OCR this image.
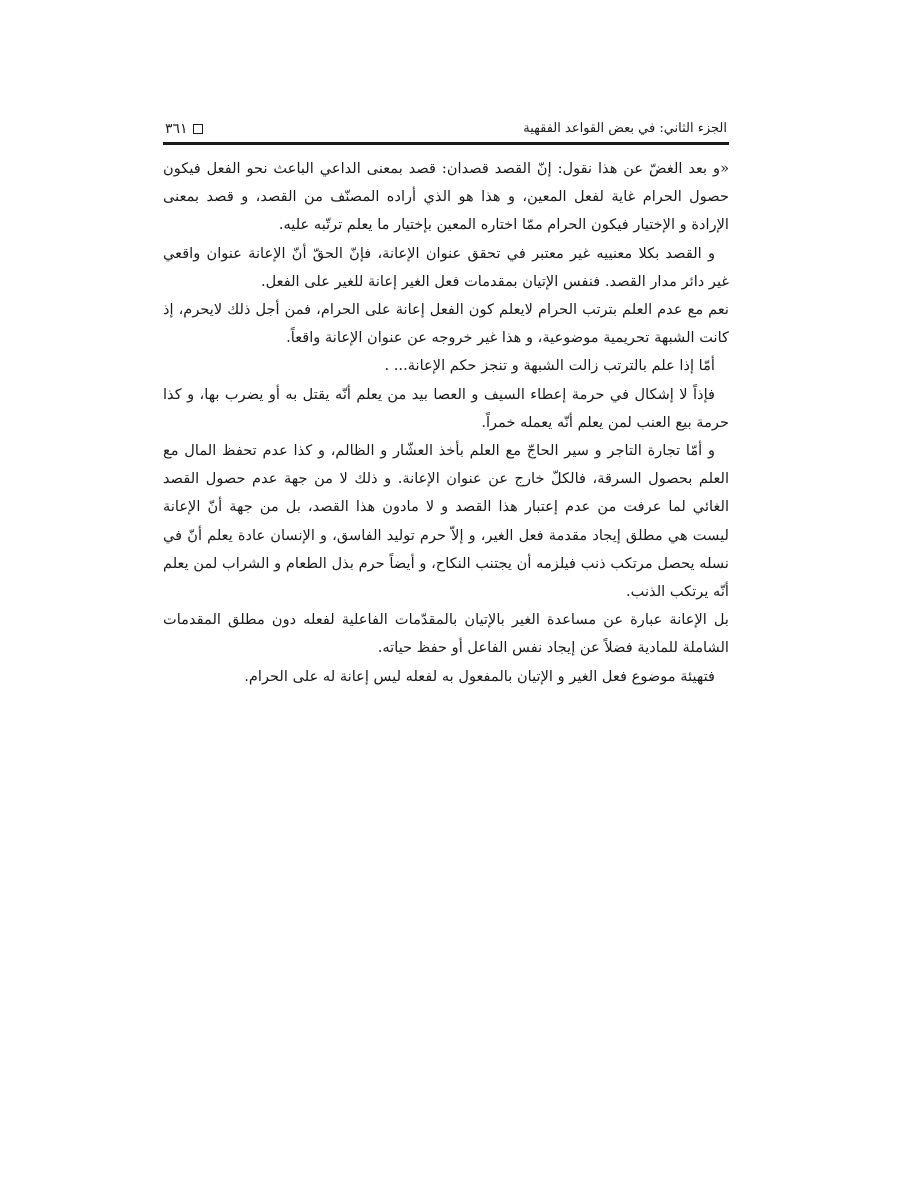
الجزء الثاني: في بعض القواعد الفقهية
٣٦١

«و بعد الغضّ عن هذا نقول: إنّ القصد قصدان: قصد بمعنى الداعي الباعث نحو الفعل فيكون حصول الحرام غاية لفعل المعين، و هذا هو الذي أراده المصنّف من القصد، و قصد بمعنى الإرادة و الإختيار فيكون الحرام ممّا اختاره المعين بإختيار ما يعلم ترتّبه عليه.

و القصد بكلا معنييه غير معتبر في تحقق عنوان الإعانة، فإنّ الحقّ أنّ الإعانة عنوان واقعي غير دائر مدار القصد. فنفس الإتيان بمقدمات فعل الغير إعانة للغير على الفعل.

نعم مع عدم العلم بترتب الحرام لايعلم كون الفعل إعانة على الحرام، فمن أجل ذلك لايحرم، إذ كانت الشبهة تحريمية موضوعية، و هذا غير خروجه عن عنوان الإعانة واقعاً.

أمّا إذا علم بالترتب زالت الشبهة و تنجز حكم الإعانة... .

فإذاً لا إشكال في حرمة إعطاء السيف و العصا بيد من يعلم أنّه يقتل به أو يضرب بها، و كذا حرمة بيع العنب لمن يعلم أنّه يعمله خمراً.

و أمّا تجارة التاجر و سير الحاجّ مع العلم بأخذ العشّار و الظالم، و كذا عدم تحفظ المال مع العلم بحصول السرقة، فالكلّ خارج عن عنوان الإعانة. و ذلك لا من جهة عدم حصول القصد الغائي لما عرفت من عدم إعتبار هذا القصد و لا مادون هذا القصد، بل من جهة أنّ الإعانة ليست هي مطلق إيجاد مقدمة فعل الغير، و إلاّ حرم توليد الفاسق، و الإنسان عادة يعلم أنّ في نسله يحصل مرتكب ذنب فيلزمه أن يجتنب النكاح، و أيضاً حرم بذل الطعام و الشراب لمن يعلم أنّه يرتكب الذنب.

بل الإعانة عبارة عن مساعدة الغير بالإتيان بالمقدّمات الفاعلية لفعله دون مطلق المقدمات الشاملة للمادية فضلاً عن إيجاد نفس الفاعل أو حفظ حياته.

فتهيئة موضوع فعل الغير و الإتيان بالمفعول به لفعله ليس إعانة له على الحرام.
